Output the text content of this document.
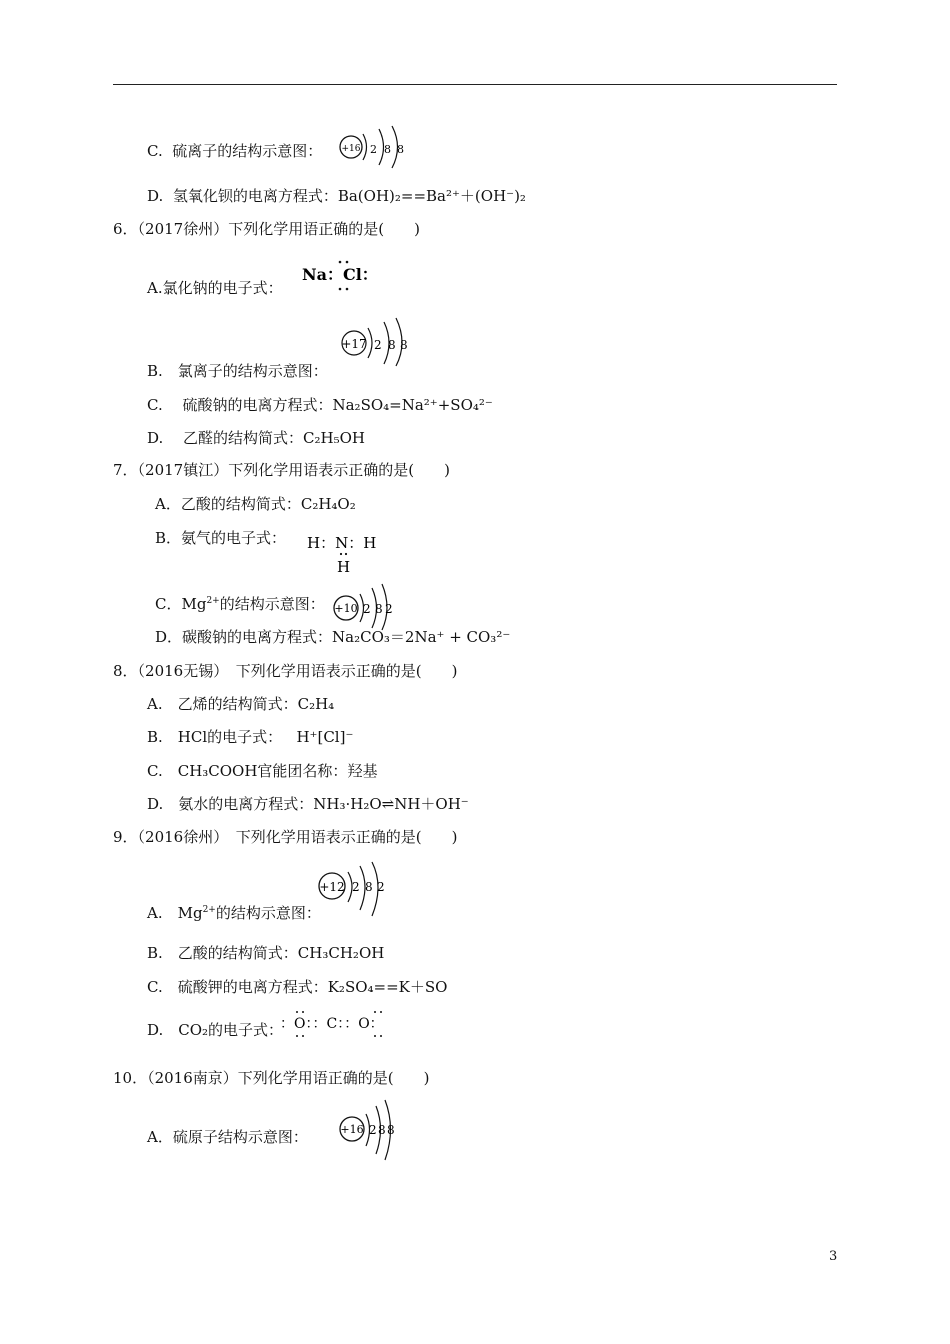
C. 硫离子的结构示意图： +16 2 8 8
D. 氢氧化钡的电离方程式：Ba(OH)₂==Ba²⁺＋(OH⁻)₂
6．（2017徐州）下列化学用语正确的是(　　)
A.氯化钠的电子式：
Na：Cl：
+17 2 8 8
B.　氯离子的结构示意图：
C.　 硫酸钠的电离方程式：Na₂SO₄=Na²⁺+SO₄²⁻
D.　 乙醛的结构简式：C₂H₅OH
7．（2017镇江）下列化学用语表示正确的是(　　)
A．乙酸的结构简式：C₂H₄O₂
B．氨气的电子式： H：N：H
H
+10 2 8 2
C．$Mg^{2+}$的结构示意图：
D．碳酸钠的电离方程式：Na₂CO₃＝2Na⁺ + CO₃²⁻
8．（2016无锡）　下列化学用语表示正确的是(　　)
A.　乙烯的结构简式：C₂H₄
B.　HCl的电子式： H⁺[Cl]⁻
C.　CH₃COOH官能团名称：羟基
D.　氨水的电离方程式：NH₃·H₂O⇌NH＋OH⁻
9．（2016徐州）　下列化学用语表示正确的是(　　)
+12 2 8 2
A.　$Mg^{2+}$的结构示意图：
B.　乙酸的结构简式：CH₃CH₂OH
C.　硫酸钾的电离方程式：K₂SO₄==K＋SO
D.　CO₂的电子式：
：O：：C：：O：
10．（2016南京）下列化学用语正确的是(　　)
A．硫原子结构示意图：	+16 2 8 8
3
